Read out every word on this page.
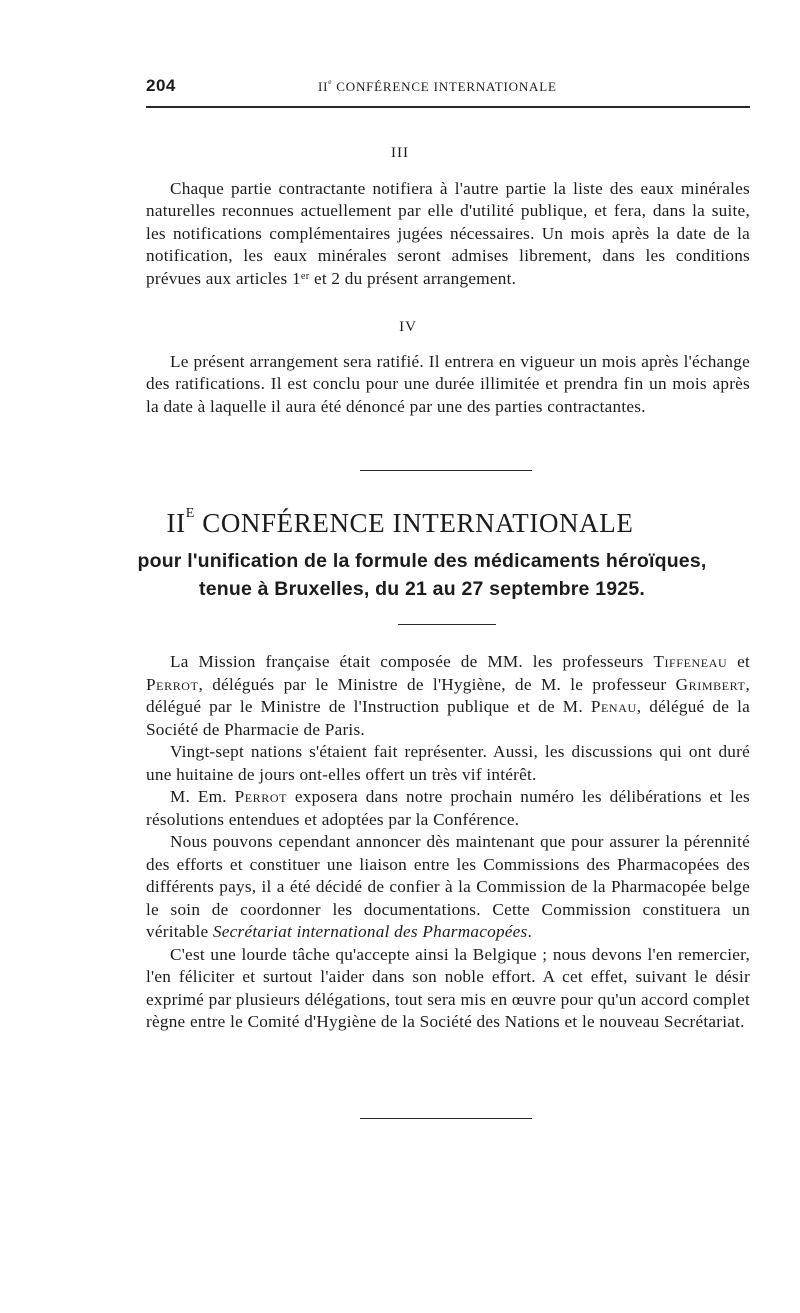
204	IIe CONFÉRENCE INTERNATIONALE
III

Chaque partie contractante notifiera à l'autre partie la liste des eaux minérales naturelles reconnues actuellement par elle d'utilité publique, et fera, dans la suite, les notifications complémentaires jugées nécessaires. Un mois après la date de la notification, les eaux minérales seront admises librement, dans les conditions prévues aux articles 1er et 2 du présent arrangement.

IV

Le présent arrangement sera ratifié. Il entrera en vigueur un mois après l'échange des ratifications. Il est conclu pour une durée illimitée et prendra fin un mois après la date à laquelle il aura été dénoncé par une des parties contractantes.

$II^E$ CONFÉRENCE INTERNATIONALE
pour l'unification de la formule des médicaments héroïques,
tenue à Bruxelles, du 21 au 27 septembre 1925.

La Mission française était composée de MM. les professeurs Tiffeneau et Perrot, délégués par le Ministre de l'Hygiène, de M. le professeur Grimbert, délégué par le Ministre de l'Instruction publique et de M. Penau, délégué de la Société de Pharmacie de Paris.

Vingt-sept nations s'étaient fait représenter. Aussi, les discussions qui ont duré une huitaine de jours ont-elles offert un très vif intérêt.

M. Em. Perrot exposera dans notre prochain numéro les délibérations et les résolutions entendues et adoptées par la Conférence.

Nous pouvons cependant annoncer dès maintenant que pour assurer la pérennité des efforts et constituer une liaison entre les Commissions des Pharmacopées des différents pays, il a été décidé de confier à la Commission de la Pharmacopée belge le soin de coordonner les documentations. Cette Commission constituera un véritable Secrétariat international des Pharmacopées.

C'est une lourde tâche qu'accepte ainsi la Belgique ; nous devons l'en remercier, l'en féliciter et surtout l'aider dans son noble effort. A cet effet, suivant le désir exprimé par plusieurs délégations, tout sera mis en œuvre pour qu'un accord complet règne entre le Comité d'Hygiène de la Société des Nations et le nouveau Secrétariat.
